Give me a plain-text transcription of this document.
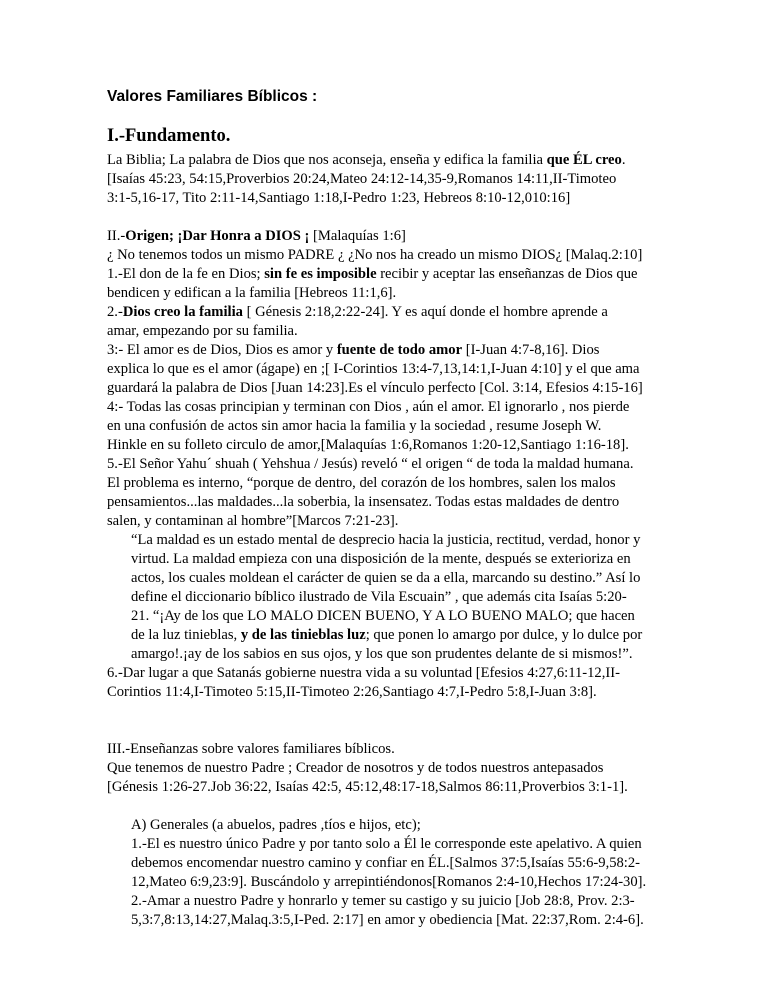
Valores Familiares Bíblicos :
I.-Fundamento.

La Biblia; La palabra de Dios que nos aconseja, enseña y edifica la familia que ÉL creo.
[Isaías 45:23, 54:15,Proverbios 20:24,Mateo 24:12-14,35-9,Romanos 14:11,II-Timoteo
3:1-5,16-17, Tito 2:11-14,Santiago 1:18,I-Pedro 1:23, Hebreos 8:10-12,010:16]

II.-Origen; ¡Dar Honra a DIOS ¡ [Malaquías 1:6]
¿ No tenemos todos un mismo PADRE ¿ ¿No nos ha creado un mismo DIOS¿ [Malaq.2:10]
1.-El don de la fe en Dios; sin fe es imposible recibir y aceptar las enseñanzas de Dios que
bendicen y edifican a la familia [Hebreos 11:1,6].
2.-Dios creo la familia [ Génesis 2:18,2:22-24]. Y es aquí donde el hombre aprende a
amar, empezando por su familia.
3:- El amor es de Dios, Dios es amor y fuente de todo amor [I-Juan 4:7-8,16]. Dios
explica lo que es el amor (ágape) en ;[ I-Corintios 13:4-7,13,14:1,I-Juan 4:10] y el que ama
guardará la palabra de Dios [Juan 14:23].Es el vínculo perfecto [Col. 3:14, Efesios 4:15-16]
4:- Todas las cosas principian y terminan con Dios , aún el amor. El ignorarlo , nos pierde
en una confusión de actos sin amor hacia la familia y la sociedad , resume Joseph W.
Hinkle en su folleto circulo de amor,[Malaquías 1:6,Romanos 1:20-12,Santiago 1:16-18].
5.-El Señor Yahu´ shuah ( Yehshua / Jesús) reveló “ el origen “ de toda la maldad humana.
El problema es interno, “porque de dentro, del corazón de los hombres, salen los malos
pensamientos...las maldades...la soberbia, la insensatez. Todas estas maldades de dentro
salen, y contaminan al hombre”[Marcos 7:21-23].
“La maldad es un estado mental de desprecio hacia la justicia, rectitud, verdad, honor y
virtud. La maldad empieza con una disposición de la mente, después se exterioriza en
actos, los cuales moldean el carácter de quien se da a ella, marcando su destino.” Así lo
define el diccionario bíblico ilustrado de Vila Escuain” , que además cita Isaías 5:20-
21. “¡Ay de los que LO MALO DICEN BUENO, Y A LO BUENO MALO; que hacen
de la luz tinieblas, y de las tinieblas luz; que ponen lo amargo por dulce, y lo dulce por
amargo!.¡ay de los sabios en sus ojos, y los que son prudentes delante de si mismos!”.
6.-Dar lugar a que Satanás gobierne nuestra vida a su voluntad [Efesios 4:27,6:11-12,II-
Corintios 11:4,I-Timoteo 5:15,II-Timoteo 2:26,Santiago 4:7,I-Pedro 5:8,I-Juan 3:8].

III.-Enseñanzas sobre valores familiares bíblicos.
Que tenemos de nuestro Padre ; Creador de nosotros y de todos nuestros antepasados
[Génesis 1:26-27.Job 36:22, Isaías 42:5, 45:12,48:17-18,Salmos 86:11,Proverbios 3:1-1].

A) Generales (a abuelos, padres ,tíos e hijos, etc);
1.-El es nuestro único Padre y por tanto solo a Él le corresponde este apelativo. A quien
debemos encomendar nuestro camino y confiar en ÉL.[Salmos 37:5,Isaías 55:6-9,58:2-
12,Mateo 6:9,23:9]. Buscándolo y arrepintiéndonos[Romanos 2:4-10,Hechos 17:24-30].
2.-Amar a nuestro Padre y honrarlo y temer su castigo y su juicio [Job 28:8, Prov. 2:3-
5,3:7,8:13,14:27,Malaq.3:5,I-Ped. 2:17] en amor y obediencia [Mat. 22:37,Rom. 2:4-6].
